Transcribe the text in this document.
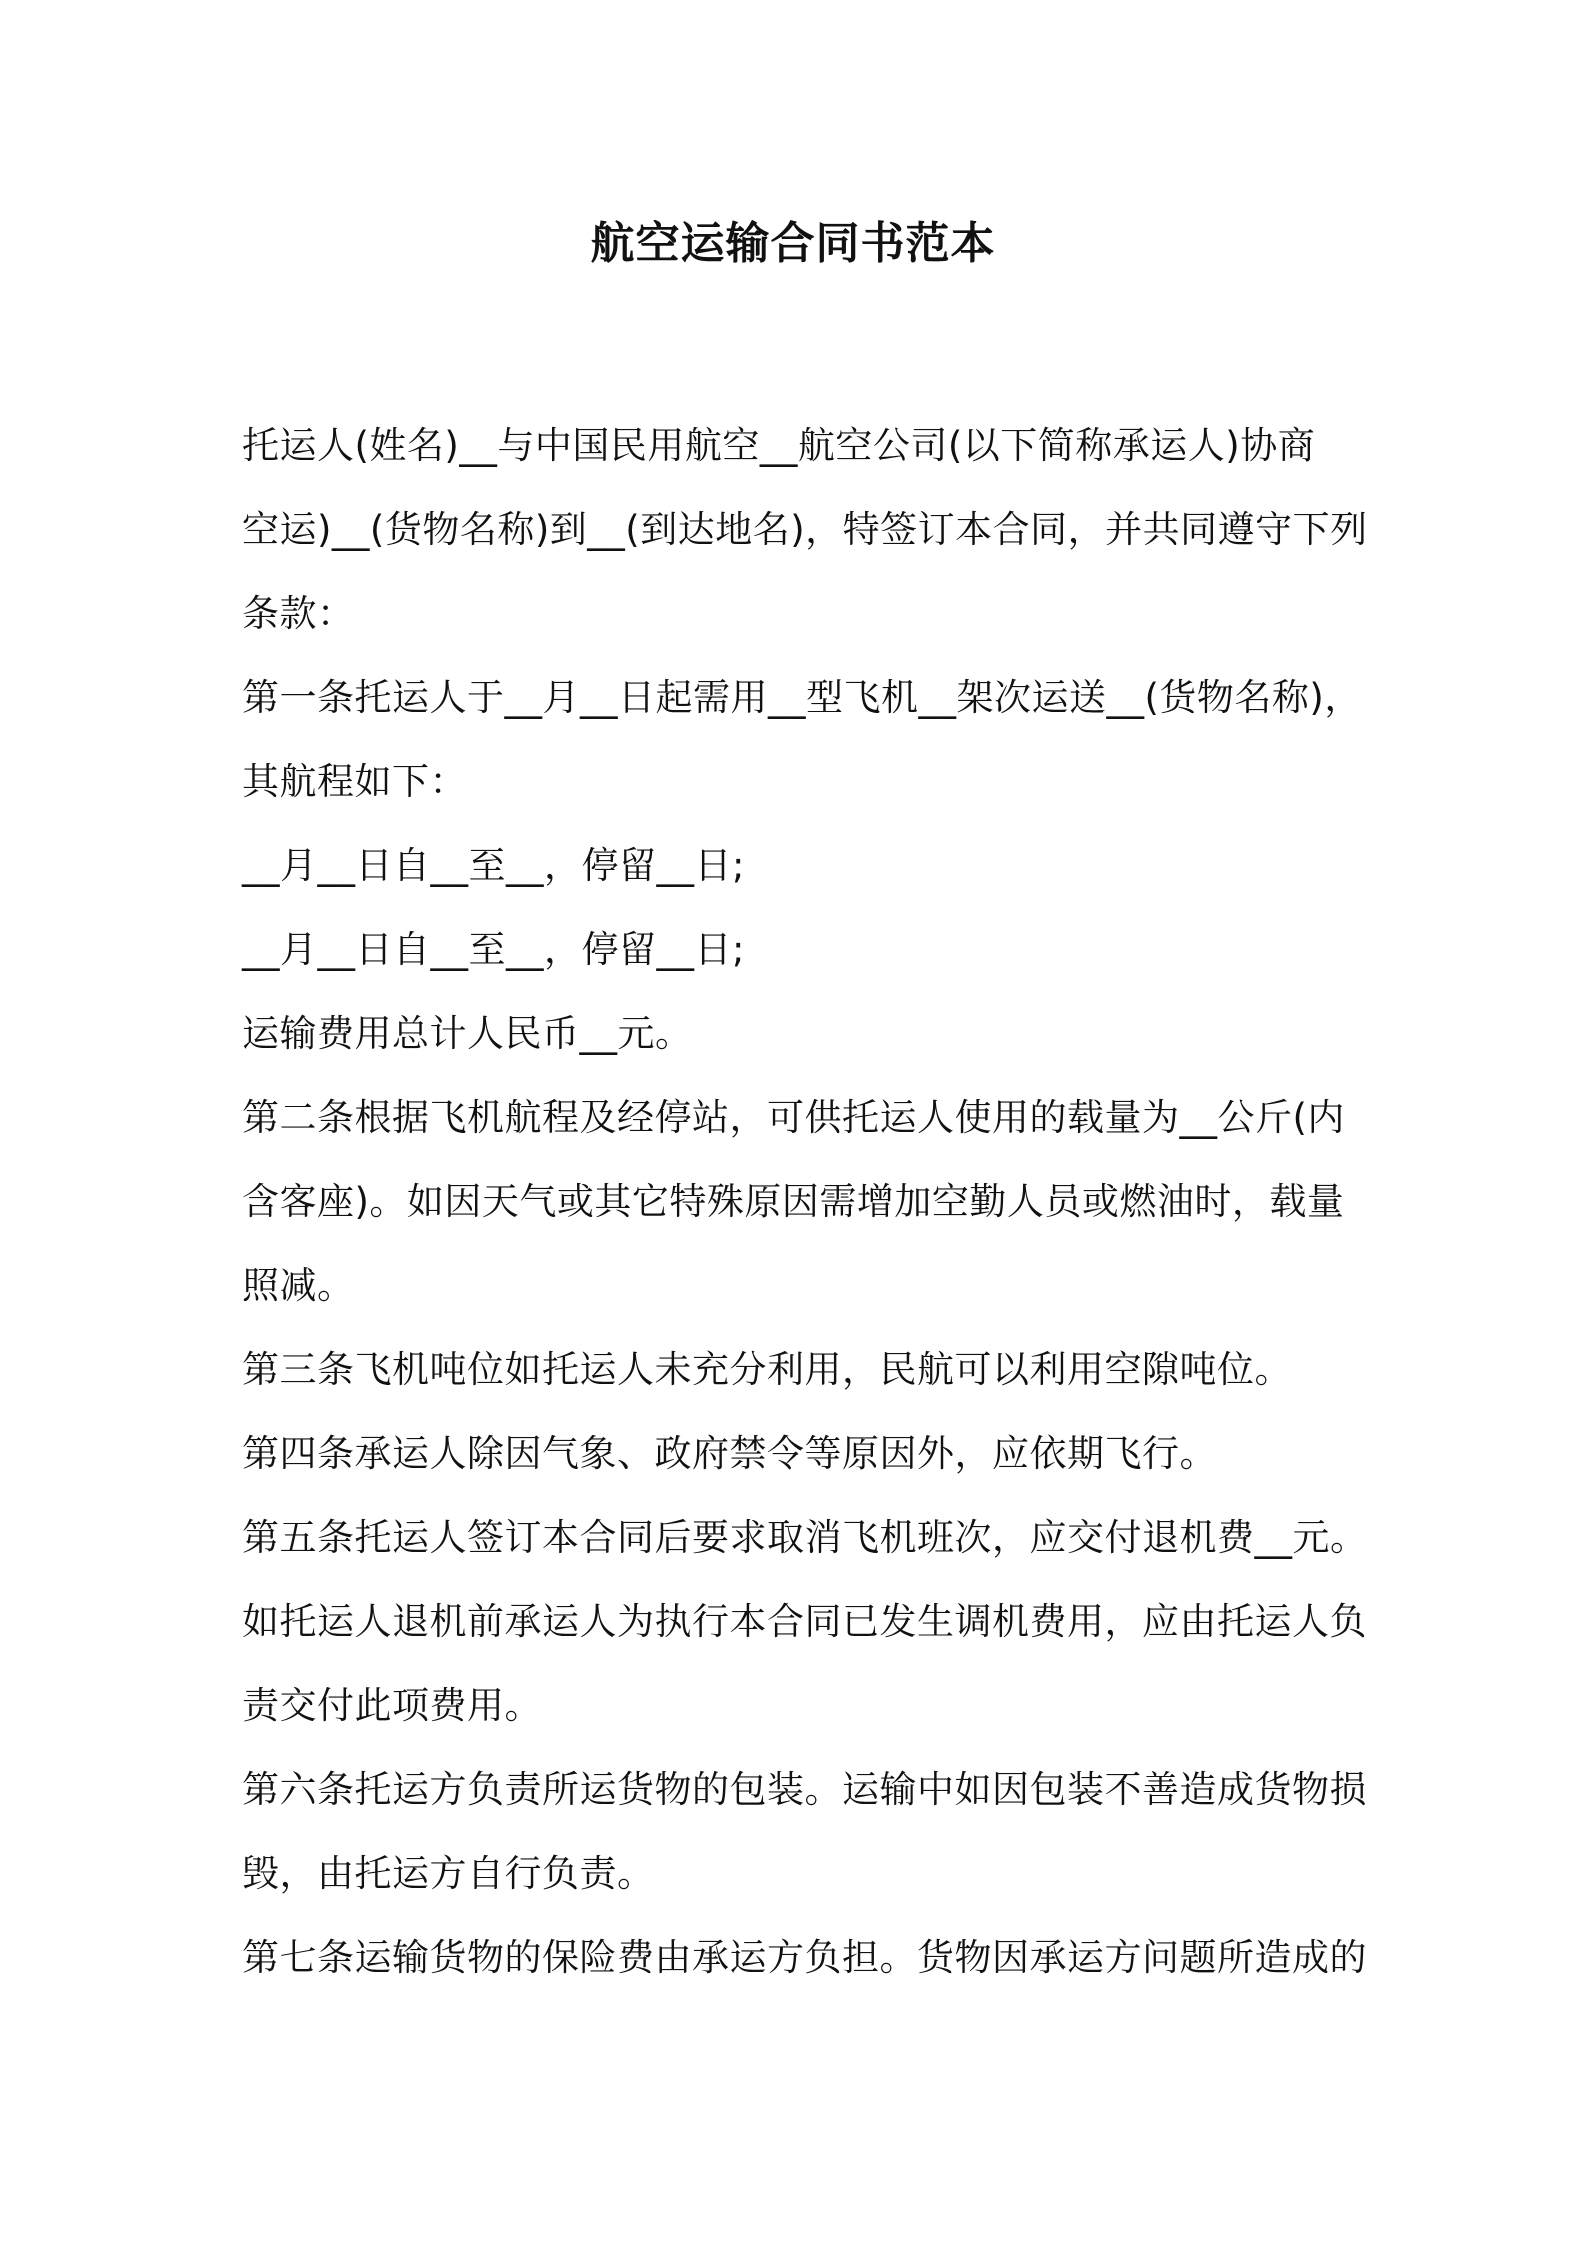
航空运输合同书范本

托运人(姓名)__与中国民用航空__航空公司(以下简称承运人)协商

空运)__(货物名称)到__(到达地名)，特签订本合同，并共同遵守下列

条款：

第一条托运人于__月__日起需用__型飞机__架次运送__(货物名称)，

其航程如下：

__月__日自__至__，停留__日;

__月__日自__至__，停留__日;

运输费用总计人民币__元。

第二条根据飞机航程及经停站，可供托运人使用的载量为__公斤(内

含客座)。如因天气或其它特殊原因需增加空勤人员或燃油时，载量

照减。

第三条飞机吨位如托运人未充分利用，民航可以利用空隙吨位。

第四条承运人除因气象、政府禁令等原因外，应依期飞行。

第五条托运人签订本合同后要求取消飞机班次，应交付退机费__元。

如托运人退机前承运人为执行本合同已发生调机费用，应由托运人负

责交付此项费用。

第六条托运方负责所运货物的包装。运输中如因包装不善造成货物损

毁，由托运方自行负责。

第七条运输货物的保险费由承运方负担。货物因承运方问题所造成的
